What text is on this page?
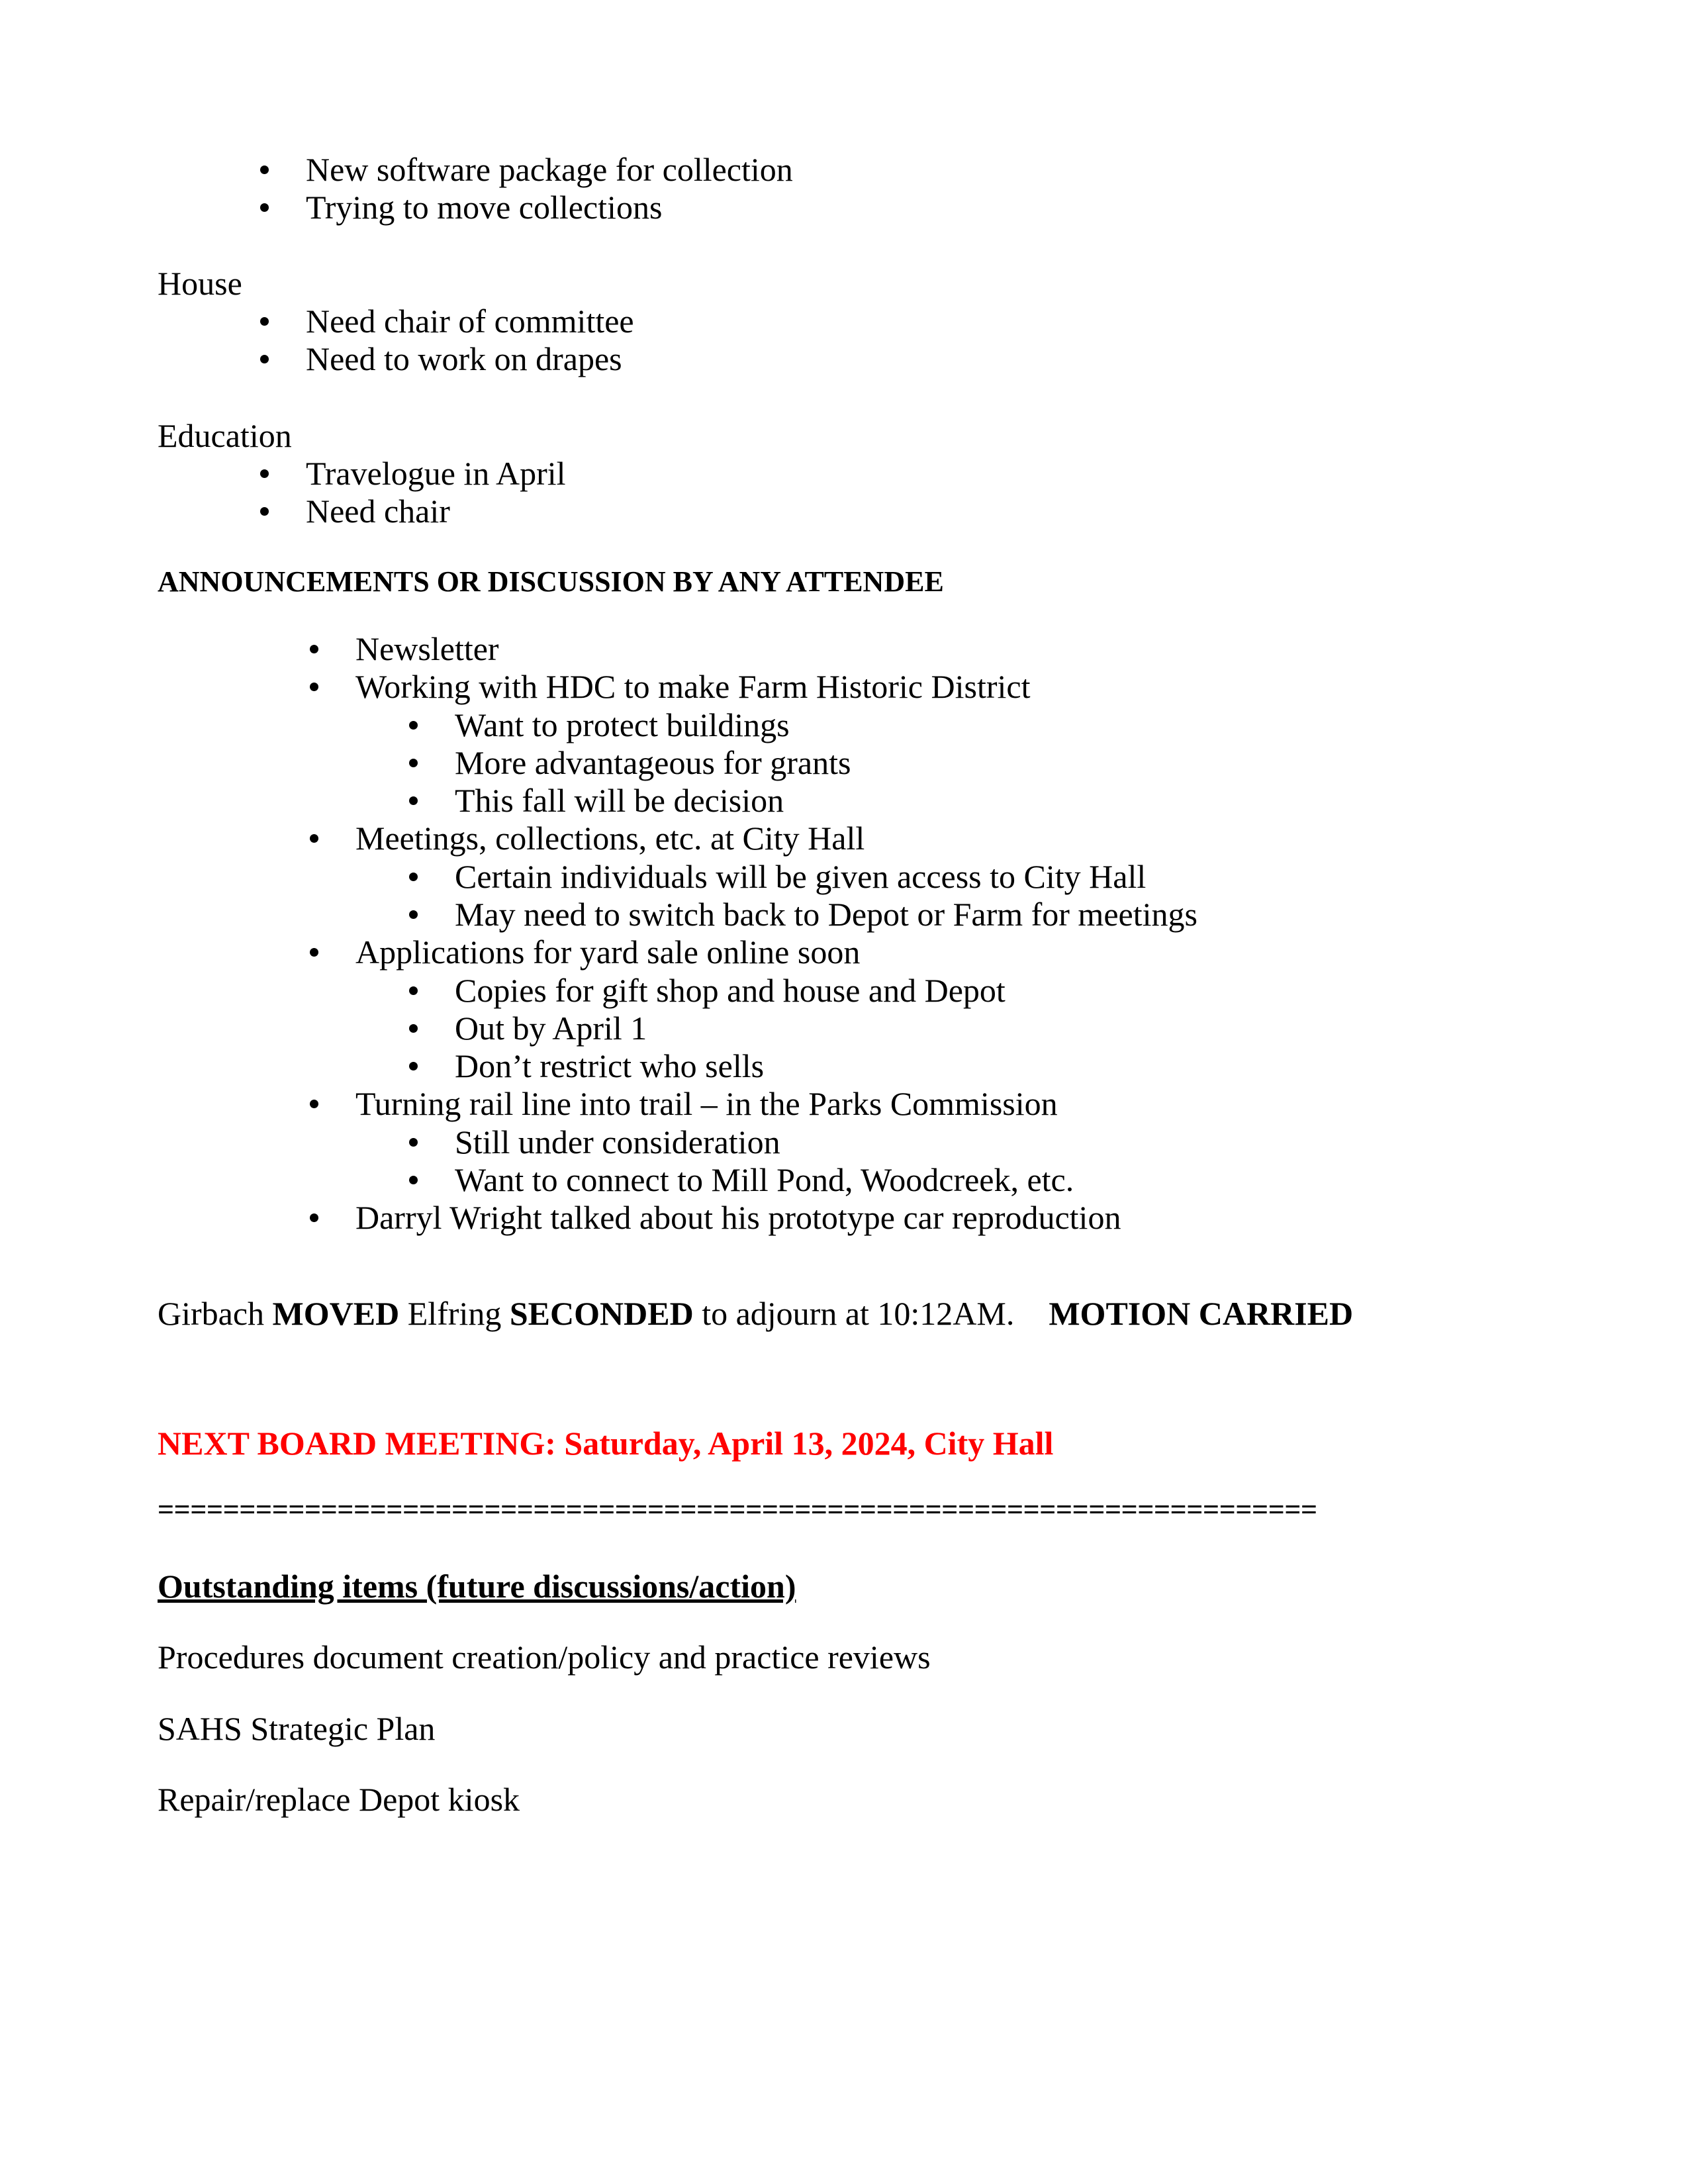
New software package for collection
Trying to move collections
House
Need chair of committee
Need to work on drapes
Education
Travelogue in April
Need chair
ANNOUNCEMENTS OR DISCUSSION BY ANY ATTENDEE
Newsletter
Working with HDC to make Farm Historic District
Want to protect buildings
More advantageous for grants
This fall will be decision
Meetings, collections, etc. at City Hall
Certain individuals will be given access to City Hall
May need to switch back to Depot or Farm for meetings
Applications for yard sale online soon
Copies for gift shop and house and Depot
Out by April 1
Don’t restrict who sells
Turning rail line into trail – in the Parks Commission
Still under consideration
Want to connect to Mill Pond, Woodcreek, etc.
Darryl Wright talked about his prototype car reproduction
Girbach MOVED Elfring SECONDED to adjourn at 10:12AM. MOTION CARRIED
NEXT BOARD MEETING: Saturday, April 13, 2024, City Hall
=======================================================================
Outstanding items (future discussions/action)
Procedures document creation/policy and practice reviews
SAHS Strategic Plan
Repair/replace Depot kiosk
